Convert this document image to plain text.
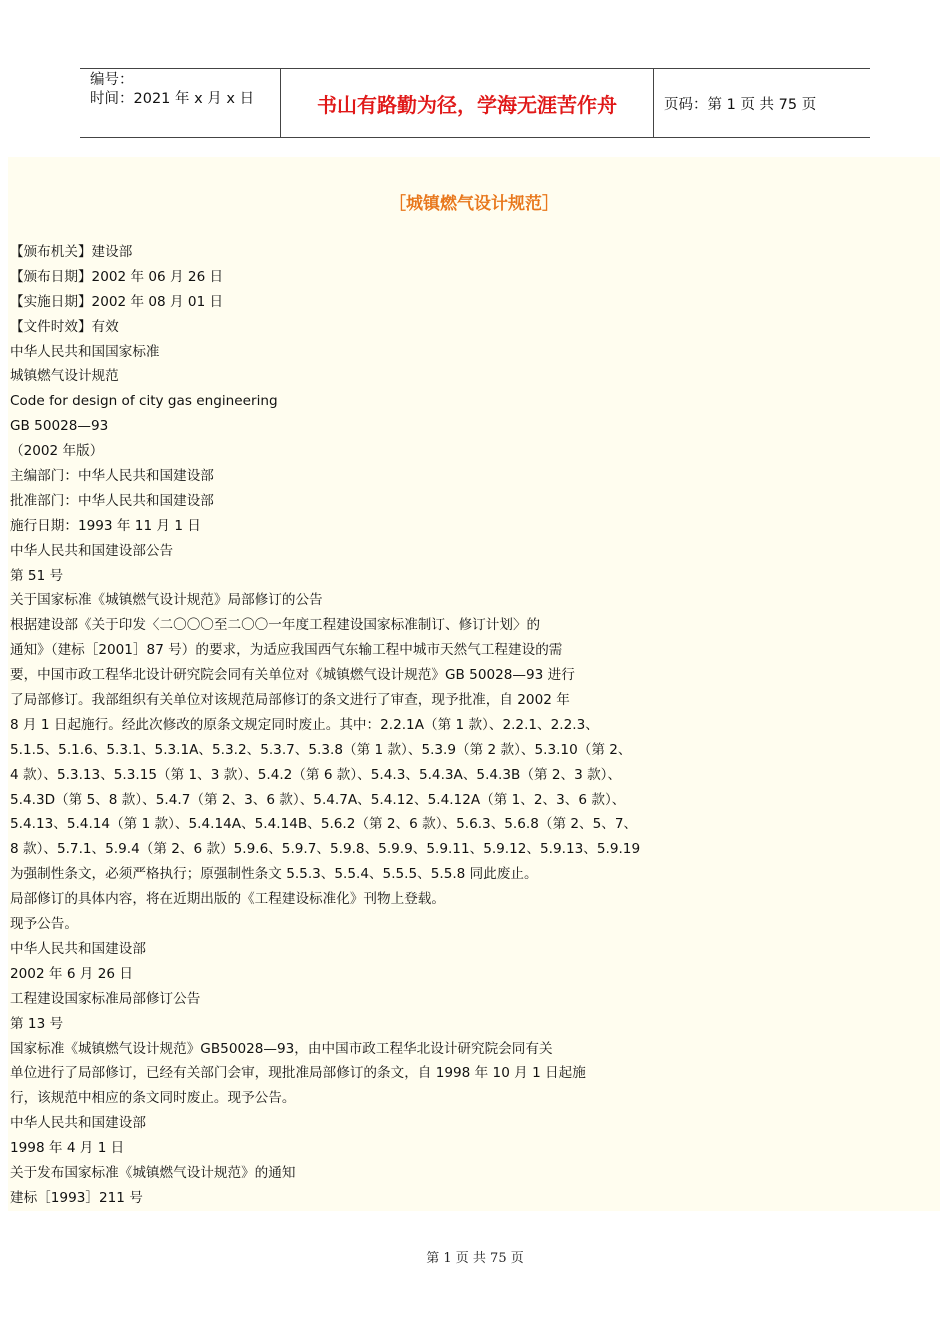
编号：
时间：2021 年 x 月 x 日	书山有路勤为径，学海无涯苦作舟	页码：第 1 页 共 75 页
［城镇燃气设计规范］
【颁布机关】建设部
【颁布日期】2002 年 06 月 26 日
【实施日期】2002 年 08 月 01 日
【文件时效】有效
中华人民共和国国家标准
城镇燃气设计规范
Code for design of city gas engineering
GB 50028—93
（2002 年版）
主编部门：中华人民共和国建设部
批准部门：中华人民共和国建设部
施行日期：1993 年 11 月 1 日
中华人民共和国建设部公告
第 51 号
关于国家标准《城镇燃气设计规范》局部修订的公告
根据建设部《关于印发〈二〇〇〇至二〇〇一年度工程建设国家标准制订、修订计划〉的
通知》（建标［2001］87 号）的要求，为适应我国西气东输工程中城市天然气工程建设的需
要，中国市政工程华北设计研究院会同有关单位对《城镇燃气设计规范》GB 50028—93 进行
了局部修订。我部组织有关单位对该规范局部修订的条文进行了审查，现予批准，自 2002 年
8 月 1 日起施行。经此次修改的原条文规定同时废止。其中：2.2.1A（第 1 款）、2.2.1、2.2.3、
5.1.5、5.1.6、5.3.1、5.3.1A、5.3.2、5.3.7、5.3.8（第 1 款）、5.3.9（第 2 款）、5.3.10（第 2、
4 款）、5.3.13、5.3.15（第 1、3 款）、5.4.2（第 6 款）、5.4.3、5.4.3A、5.4.3B（第 2、3 款）、
5.4.3D（第 5、8 款）、5.4.7（第 2、3、6 款）、5.4.7A、5.4.12、5.4.12A（第 1、2、3、6 款）、
5.4.13、5.4.14（第 1 款）、5.4.14A、5.4.14B、5.6.2（第 2、6 款）、5.6.3、5.6.8（第 2、5、7、
8 款）、5.7.1、5.9.4（第 2、6 款）5.9.6、5.9.7、5.9.8、5.9.9、5.9.11、5.9.12、5.9.13、5.9.19
为强制性条文，必须严格执行；原强制性条文 5.5.3、5.5.4、5.5.5、5.5.8 同此废止。
局部修订的具体内容，将在近期出版的《工程建设标准化》刊物上登载。
现予公告。
中华人民共和国建设部
2002 年 6 月 26 日
工程建设国家标准局部修订公告
第 13 号
国家标准《城镇燃气设计规范》GB50028—93，由中国市政工程华北设计研究院会同有关
单位进行了局部修订，已经有关部门会审，现批准局部修订的条文，自 1998 年 10 月 1 日起施
行，该规范中相应的条文同时废止。现予公告。
中华人民共和国建设部
1998 年 4 月 1 日
关于发布国家标准《城镇燃气设计规范》的通知
建标［1993］211 号
第 1 页 共 75 页
